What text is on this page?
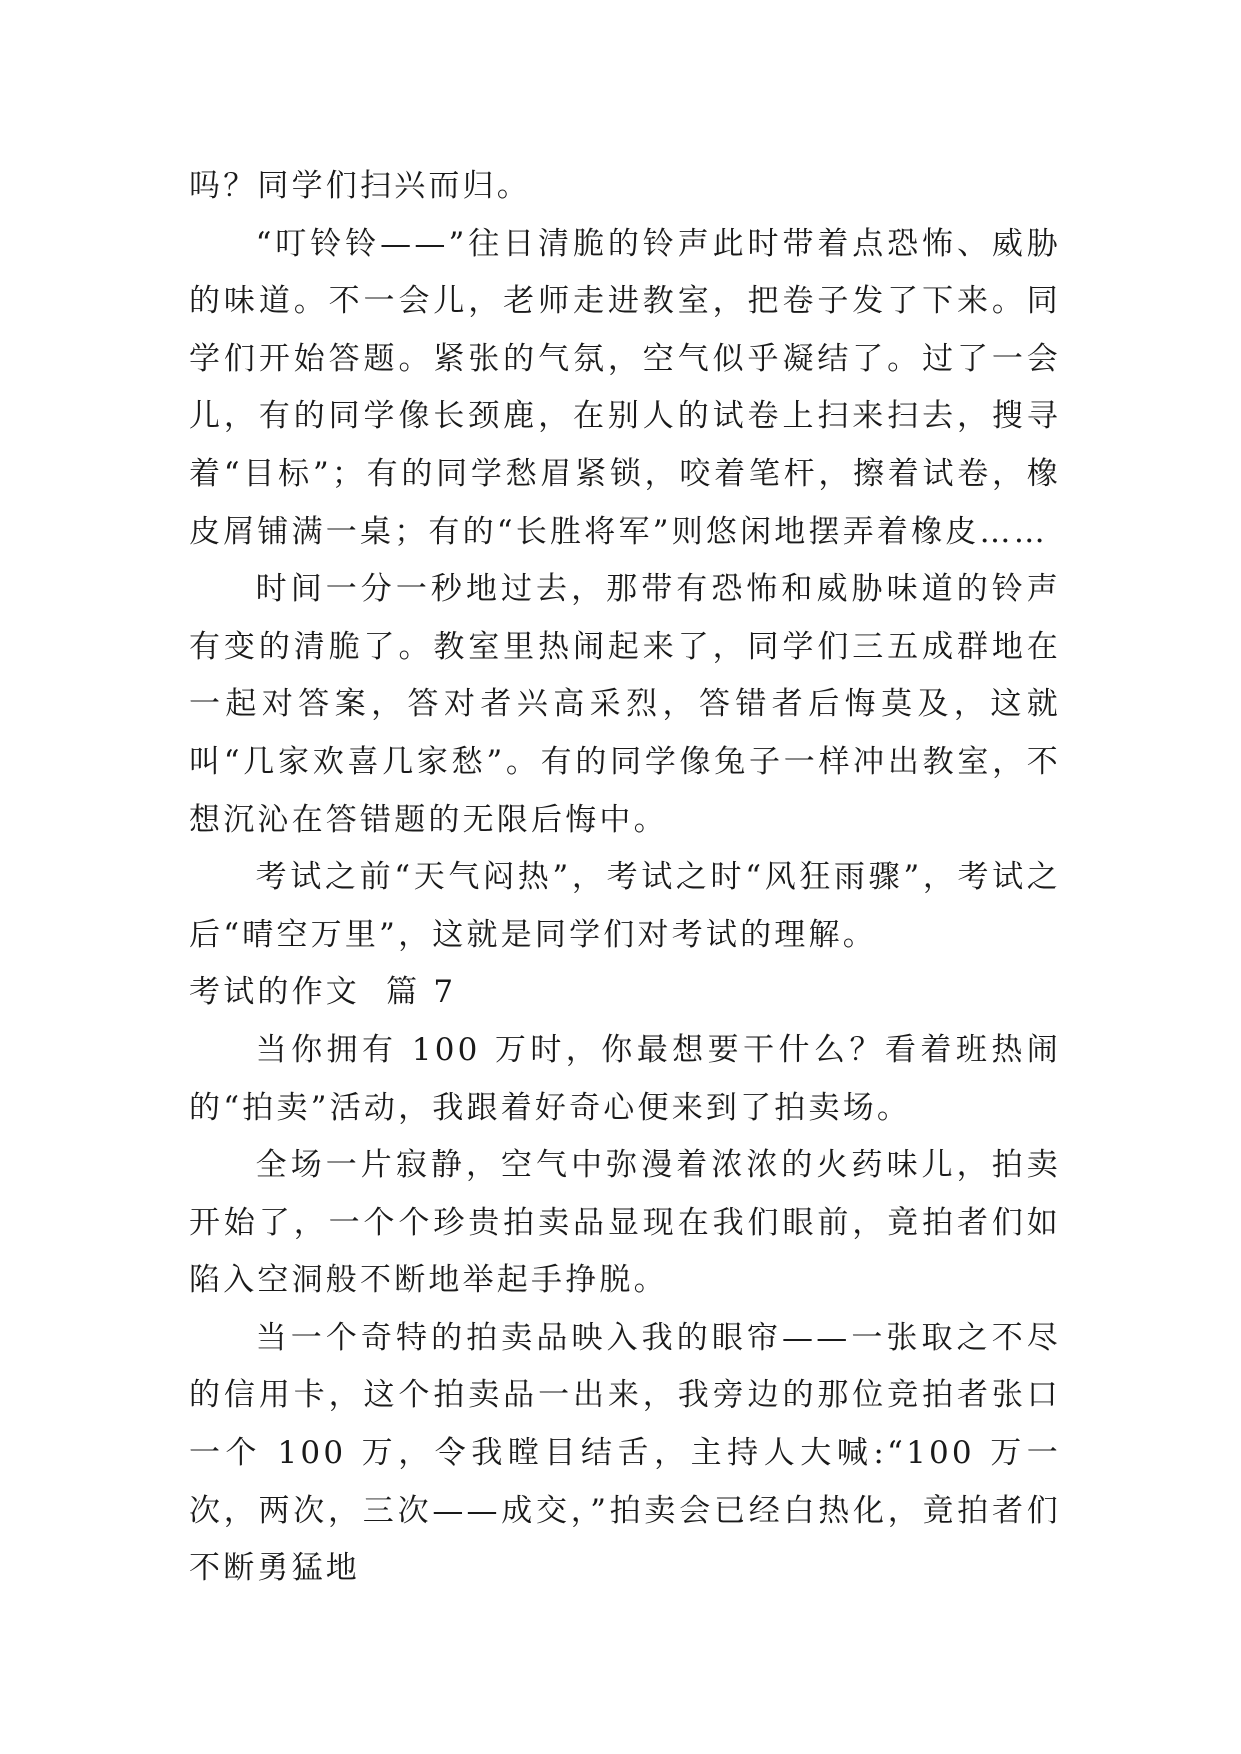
吗？同学们扫兴而归。

“叮铃铃——”往日清脆的铃声此时带着点恐怖、威胁的味道。不一会儿，老师走进教室，把卷子发了下来。同学们开始答题。紧张的气氛，空气似乎凝结了。过了一会儿，有的同学像长颈鹿，在别人的试卷上扫来扫去，搜寻着“目标”；有的同学愁眉紧锁，咬着笔杆，擦着试卷，橡皮屑铺满一桌；有的“长胜将军”则悠闲地摆弄着橡皮……

时间一分一秒地过去，那带有恐怖和威胁味道的铃声有变的清脆了。教室里热闹起来了，同学们三五成群地在一起对答案，答对者兴高采烈，答错者后悔莫及，这就叫“几家欢喜几家愁”。有的同学像兔子一样冲出教室，不想沉沁在答错题的无限后悔中。

考试之前“天气闷热”，考试之时“风狂雨骤”，考试之后“晴空万里”，这就是同学们对考试的理解。

考试的作文  篇 7

当你拥有 100 万时，你最想要干什么？看着班热闹的“拍卖”活动，我跟着好奇心便来到了拍卖场。

全场一片寂静，空气中弥漫着浓浓的火药味儿，拍卖开始了，一个个珍贵拍卖品显现在我们眼前，竟拍者们如陷入空洞般不断地举起手挣脱。

当一个奇特的拍卖品映入我的眼帘——一张取之不尽的信用卡，这个拍卖品一出来，我旁边的那位竞拍者张口一个 100 万，令我瞠目结舌，主持人大喊:“100 万一次，两次，三次——成交，”拍卖会已经白热化，竟拍者们不断勇猛地
